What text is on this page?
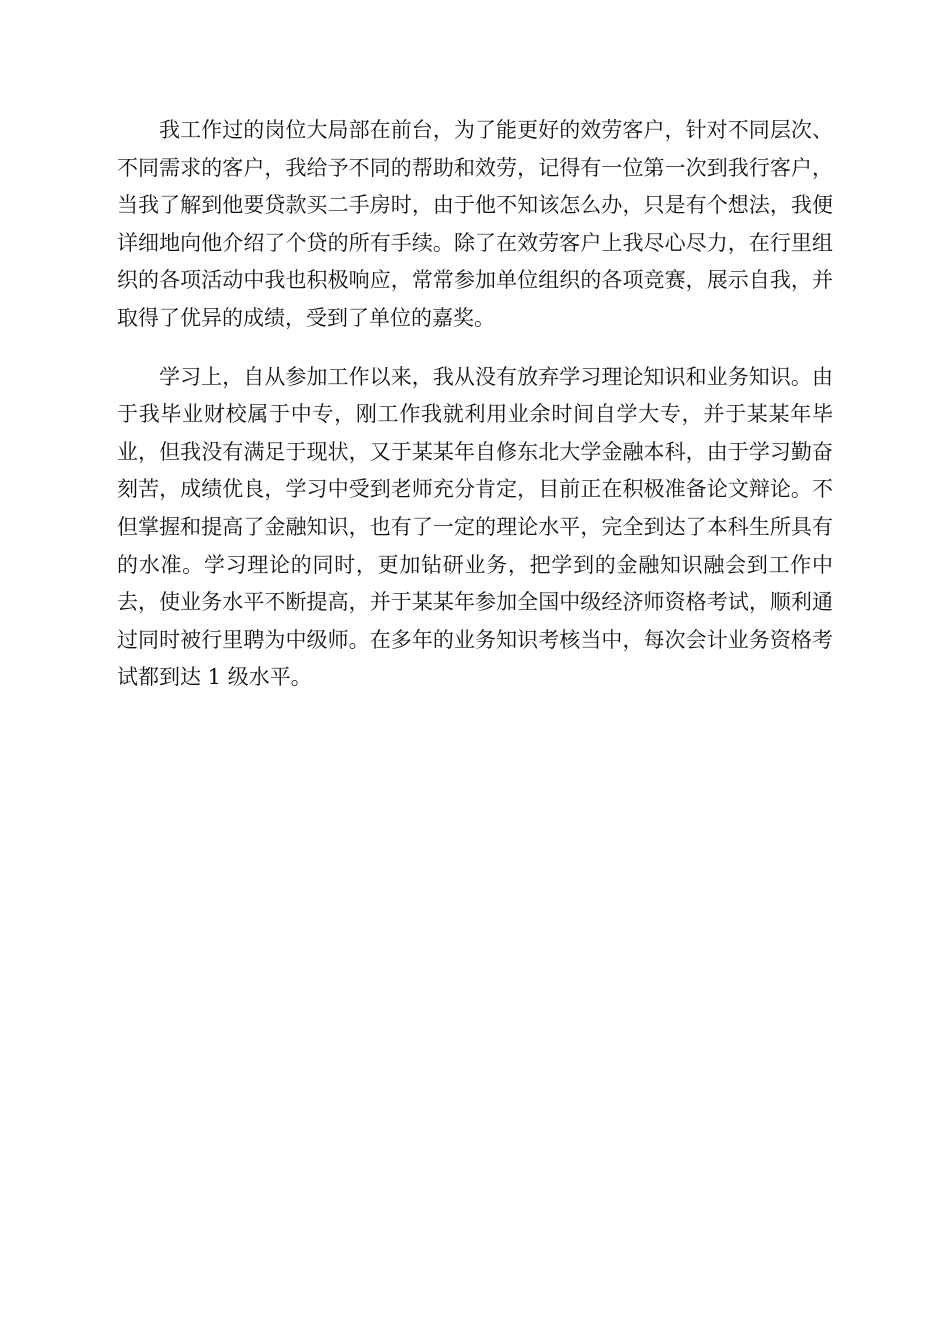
我工作过的岗位大局部在前台，为了能更好的效劳客户，针对不同层次、不同需求的客户，我给予不同的帮助和效劳，记得有一位第一次到我行客户，当我了解到他要贷款买二手房时，由于他不知该怎么办，只是有个想法，我便详细地向他介绍了个贷的所有手续。除了在效劳客户上我尽心尽力，在行里组织的各项活动中我也积极响应，常常参加单位组织的各项竞赛，展示自我，并取得了优异的成绩，受到了单位的嘉奖。

学习上，自从参加工作以来，我从没有放弃学习理论知识和业务知识。由于我毕业财校属于中专，刚工作我就利用业余时间自学大专，并于某某年毕业，但我没有满足于现状，又于某某年自修东北大学金融本科，由于学习勤奋刻苦，成绩优良，学习中受到老师充分肯定，目前正在积极准备论文辩论。不但掌握和提高了金融知识，也有了一定的理论水平，完全到达了本科生所具有的水准。学习理论的同时，更加钻研业务，把学到的金融知识融会到工作中去，使业务水平不断提高，并于某某年参加全国中级经济师资格考试，顺利通过同时被行里聘为中级师。在多年的业务知识考核当中，每次会计业务资格考试都到达 1 级水平。
